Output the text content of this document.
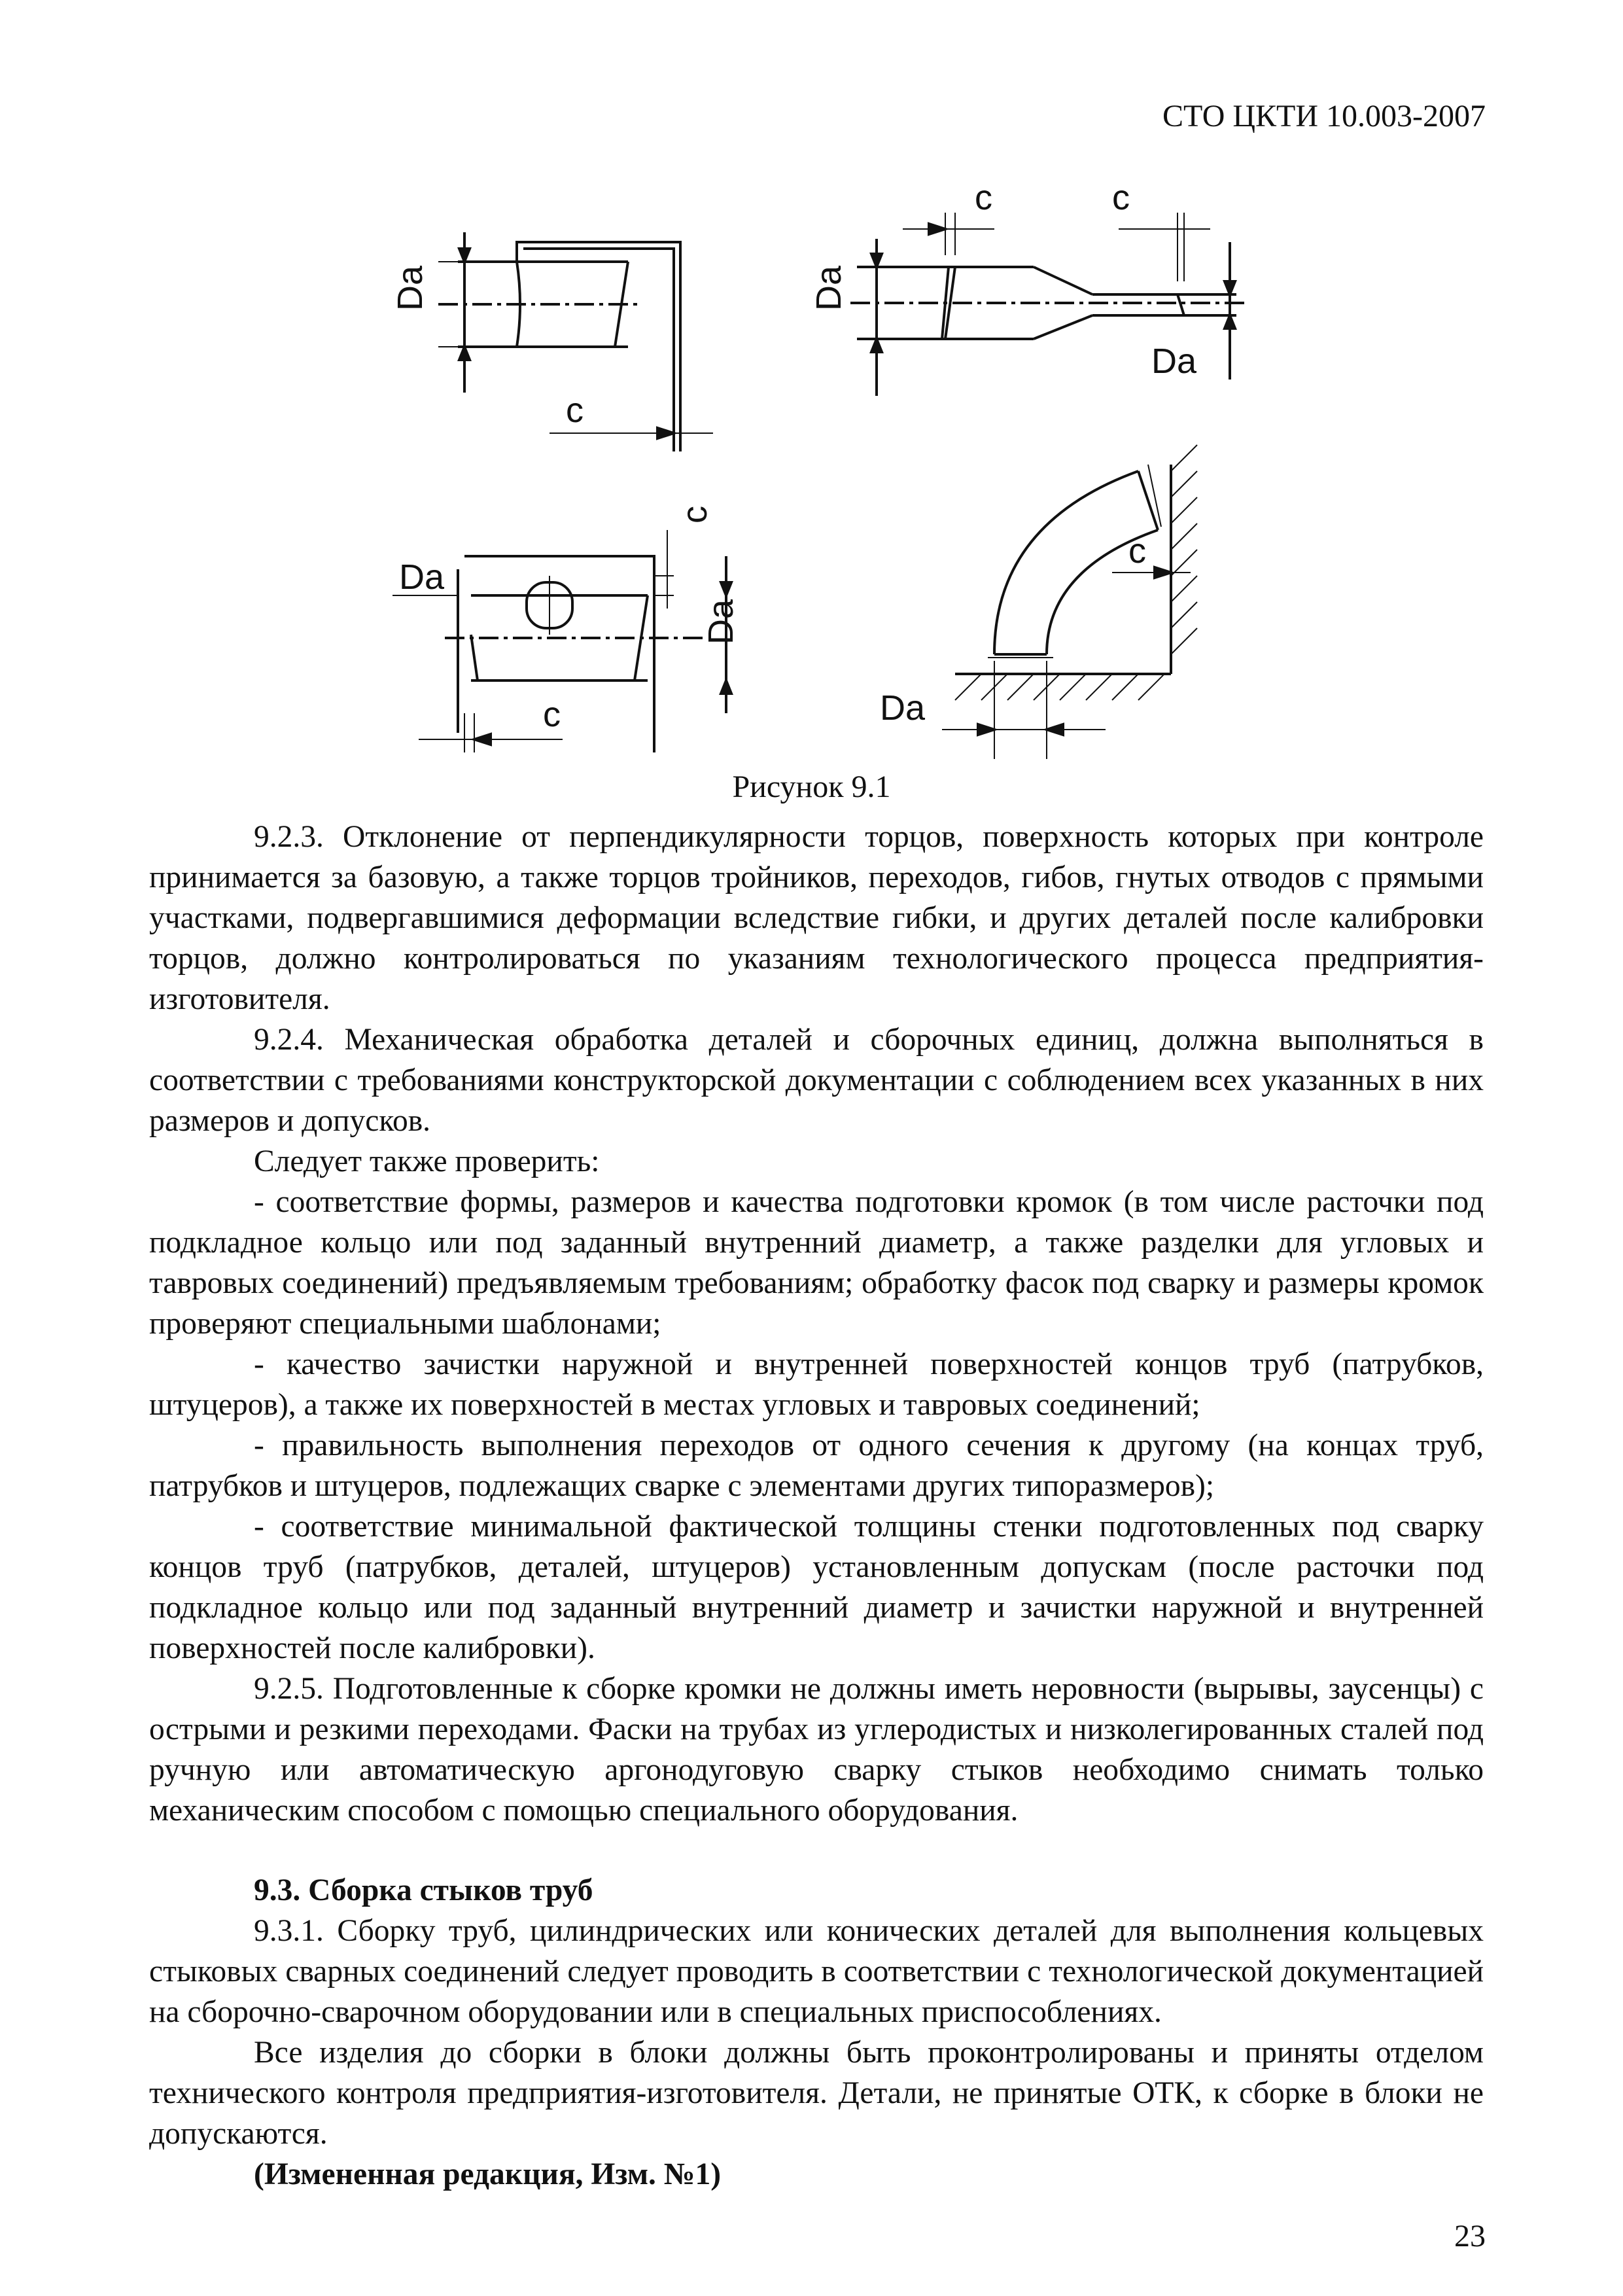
СТО ЦКТИ 10.003-2007
Da
c
Da
c	c
Da
Da
Da
c
c
c
Da
Рисунок 9.1

9.2.3. Отклонение от перпендикулярности торцов, поверхность которых при контроле принимается за базовую, а также торцов тройников, переходов, гибов, гнутых отводов с прямыми участками, подвергавшимися деформации вследствие гибки, и других деталей после калибровки торцов, должно контролироваться по указаниям технологического процесса предприятия-изготовителя.

9.2.4. Механическая обработка деталей и сборочных единиц, должна выполняться в соответствии с требованиями конструкторской документации с соблюдением всех указанных в них размеров и допусков.

Следует также проверить:

- соответствие формы, размеров и качества подготовки кромок (в том числе расточки под подкладное кольцо или под заданный внутренний диаметр, а также разделки для угловых и тавровых соединений) предъявляемым требованиям; обработку фасок под сварку и размеры кромок проверяют специальными шаблонами;

- качество зачистки наружной и внутренней поверхностей концов труб (патрубков, штуцеров), а также их поверхностей в местах угловых и тавровых соединений;

- правильность выполнения переходов от одного сечения к другому (на концах труб, патрубков и штуцеров, подлежащих сварке с элементами других типоразмеров);

- соответствие минимальной фактической толщины стенки подготовленных под сварку концов труб (патрубков, деталей, штуцеров) установленным допускам (после расточки под подкладное кольцо или под заданный внутренний диаметр и зачистки наружной и внутренней поверхностей после калибровки).

9.2.5. Подготовленные к сборке кромки не должны иметь неровности (вырывы, заусенцы) с острыми и резкими переходами. Фаски на трубах из углеродистых и низколегированных сталей под ручную или автоматическую аргонодуговую сварку стыков необходимо снимать только механическим способом с помощью специального оборудования.

9.3. Сборка стыков труб

9.3.1. Сборку труб, цилиндрических или конических деталей для выполнения кольцевых стыковых сварных соединений следует проводить в соответствии с технологической документацией на сборочно-сварочном оборудовании или в специальных приспособлениях.

Все изделия до сборки в блоки должны быть проконтролированы и приняты отделом технического контроля предприятия-изготовителя. Детали, не принятые ОТК, к сборке в блоки не допускаются.

(Измененная редакция, Изм. №1)

23
